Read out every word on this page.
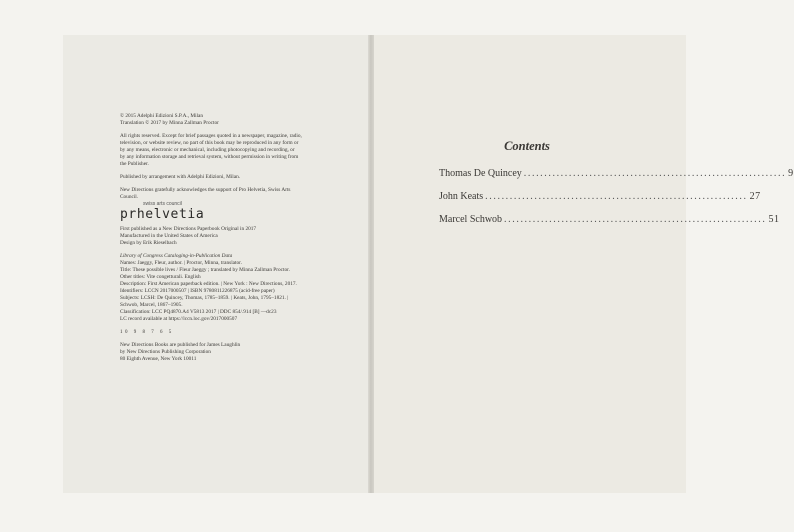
© 2015 Adelphi Edizioni S.P.A., Milan

Translation © 2017 by Minna Zallman Proctor

All rights reserved. Except for brief passages quoted in a newspaper, magazine, radio,

television, or website review, no part of this book may be reproduced in any form or

by any means, electronic or mechanical, including photocopying and recording, or

by any information storage and retrieval system, without permission in writing from

the Publisher.

Published by arrangement with Adelphi Edizioni, Milan.

New Directions gratefully acknowledges the support of Pro Helvetia, Swiss Arts

Council.

swiss arts council
prhelvetia

First published as a New Directions Paperbook Original in 2017

Manufactured in the United States of America

Design by Erik Rieselbach

Library of Congress Cataloging-in-Publication Data

Names: Jaeggy, Fleur, author. | Proctor, Minna, translator.

Title: These possible lives / Fleur Jaeggy ; translated by Minna Zallman Proctor.

Other titles: Vite congetturali. English

Description: First American paperback edition. | New York : New Directions, 2017.

Identifiers: LCCN 2017000507 | ISBN 9780811226875 (acid-free paper)

Subjects: LCSH: De Quincey, Thomas, 1785–1859. | Keats, John, 1795–1821. |

Schwob, Marcel, 1867–1905.

Classification: LCC PQ4870.A4 V5813 2017 | DDC 854/.914 [B] —dc23

LC record available at https://lccn.loc.gov/2017000507

10 9 8 7 6 5

New Directions Books are published for James Laughlin

by New Directions Publishing Corporation

80 Eighth Avenue, New York 10011

Contents
Thomas De Quincey ................................................................ 9
John Keats ................................................................ 27
Marcel Schwob ................................................................ 51
